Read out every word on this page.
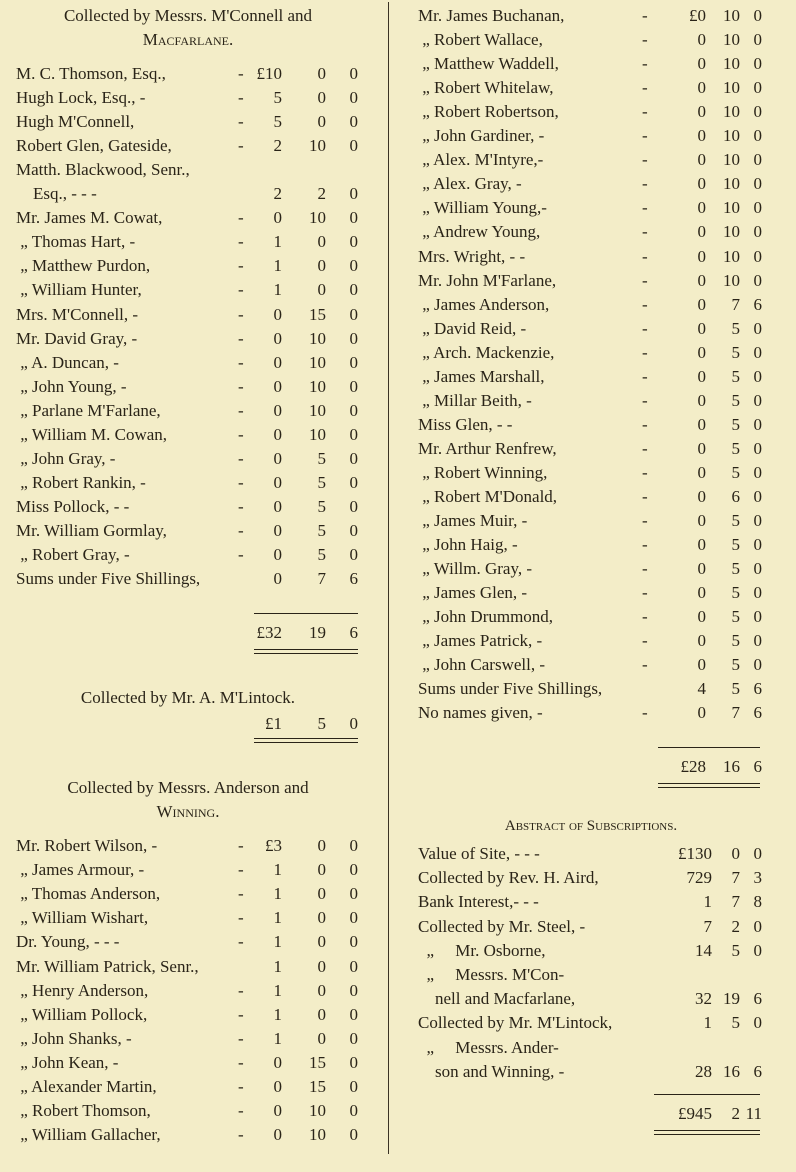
Collected by Messrs. M'Connell and
Macfarlane.
M. C. Thomson, Esq.,	- £10 0 0
Hugh Lock, Esq., -	- 5 0 0
Hugh M'Connell,	- 5 0 0
Robert Glen, Gateside,	- 2 10 0
Matth. Blackwood, Senr.,
Esq., - - -	2 2 0
Mr. James M. Cowat,	- 0 10 0
„ Thomas Hart, -	- 1 0 0
„ Matthew Purdon,	- 1 0 0
„ William Hunter,	- 1 0 0
Mrs. M'Connell, -	- 0 15 0
Mr. David Gray, -	- 0 10 0
„ A. Duncan, -	- 0 10 0
„ John Young, -	- 0 10 0
„ Parlane M'Farlane,	- 0 10 0
„ William M. Cowan,	- 0 10 0
„ John Gray, -	- 0 5 0
„ Robert Rankin, -	- 0 5 0
Miss Pollock, - -	- 0 5 0
Mr. William Gormlay,	- 0 5 0
„ Robert Gray, -	- 0 5 0
Sums under Five Shillings,	0 7 6
£32 19 6
Collected by Mr. A. M'Lintock.
£1 5 0
Collected by Messrs. Anderson and
Winning.
Mr. Robert Wilson, -	- £3 0 0
„ James Armour, -	- 1 0 0
„ Thomas Anderson,	- 1 0 0
„ William Wishart,	- 1 0 0
Dr. Young, - - -	- 1 0 0
Mr. William Patrick, Senr.,	1 0 0
„ Henry Anderson,	- 1 0 0
„ William Pollock,	- 1 0 0
„ John Shanks, -	- 1 0 0
„ John Kean, -	- 0 15 0
„ Alexander Martin,	- 0 15 0
„ Robert Thomson,	- 0 10 0
„ William Gallacher,	- 0 10 0
Mr. James Buchanan,	- £0 10 0
„ Robert Wallace,	-	0 10 0
„ Matthew Waddell,	-	0 10 0
„ Robert Whitelaw,	-	0 10 0
„ Robert Robertson,	-	0 10 0
„ John Gardiner, -	-	0 10 0
„ Alex. M'Intyre,-	-	0 10 0
„ Alex. Gray, -	-	0 10 0
„ William Young,-	-	0 10 0
„ Andrew Young,	-	0 10 0
Mrs. Wright, - -	-	0 10 0
Mr. John M'Farlane,	-	0 10 0
„ James Anderson,	-	0 7 6
„ David Reid, -	-	0 5 0
„ Arch. Mackenzie,	-	0 5 0
„ James Marshall,	-	0 5 0
„ Millar Beith, -	-	0 5 0
Miss Glen, - -	-	0 5 0
Mr. Arthur Renfrew,	-	0 5 0
„ Robert Winning,	-	0 5 0
„ Robert M'Donald,	-	0 6 0
„ James Muir, -	-	0 5 0
„ John Haig, -	-	0 5 0
„ Willm. Gray, -	-	0 5 0
„ James Glen, -	-	0 5 0
„ John Drummond,	-	0 5 0
„ James Patrick, -	-	0 5 0
„ John Carswell, -	-	0 5 0
Sums under Five Shillings,	4 5 6
No names given, -	-	0 7 6
£28 16 6
Abstract of Subscriptions.
Value of Site, - - -	£130 0 0
Collected by Rev. H. Aird,	729 7 3
Bank Interest,- - -	1 7 8
Collected by Mr. Steel, -	7 2 0
„     Mr. Osborne,	14 5 0
„     Messrs. M'Con-
nell and Macfarlane,	32 19 6
Collected by Mr. M'Lintock,	1 5 0
„     Messrs. Ander-
son and Winning, -	28 16 6
£945 2 11
